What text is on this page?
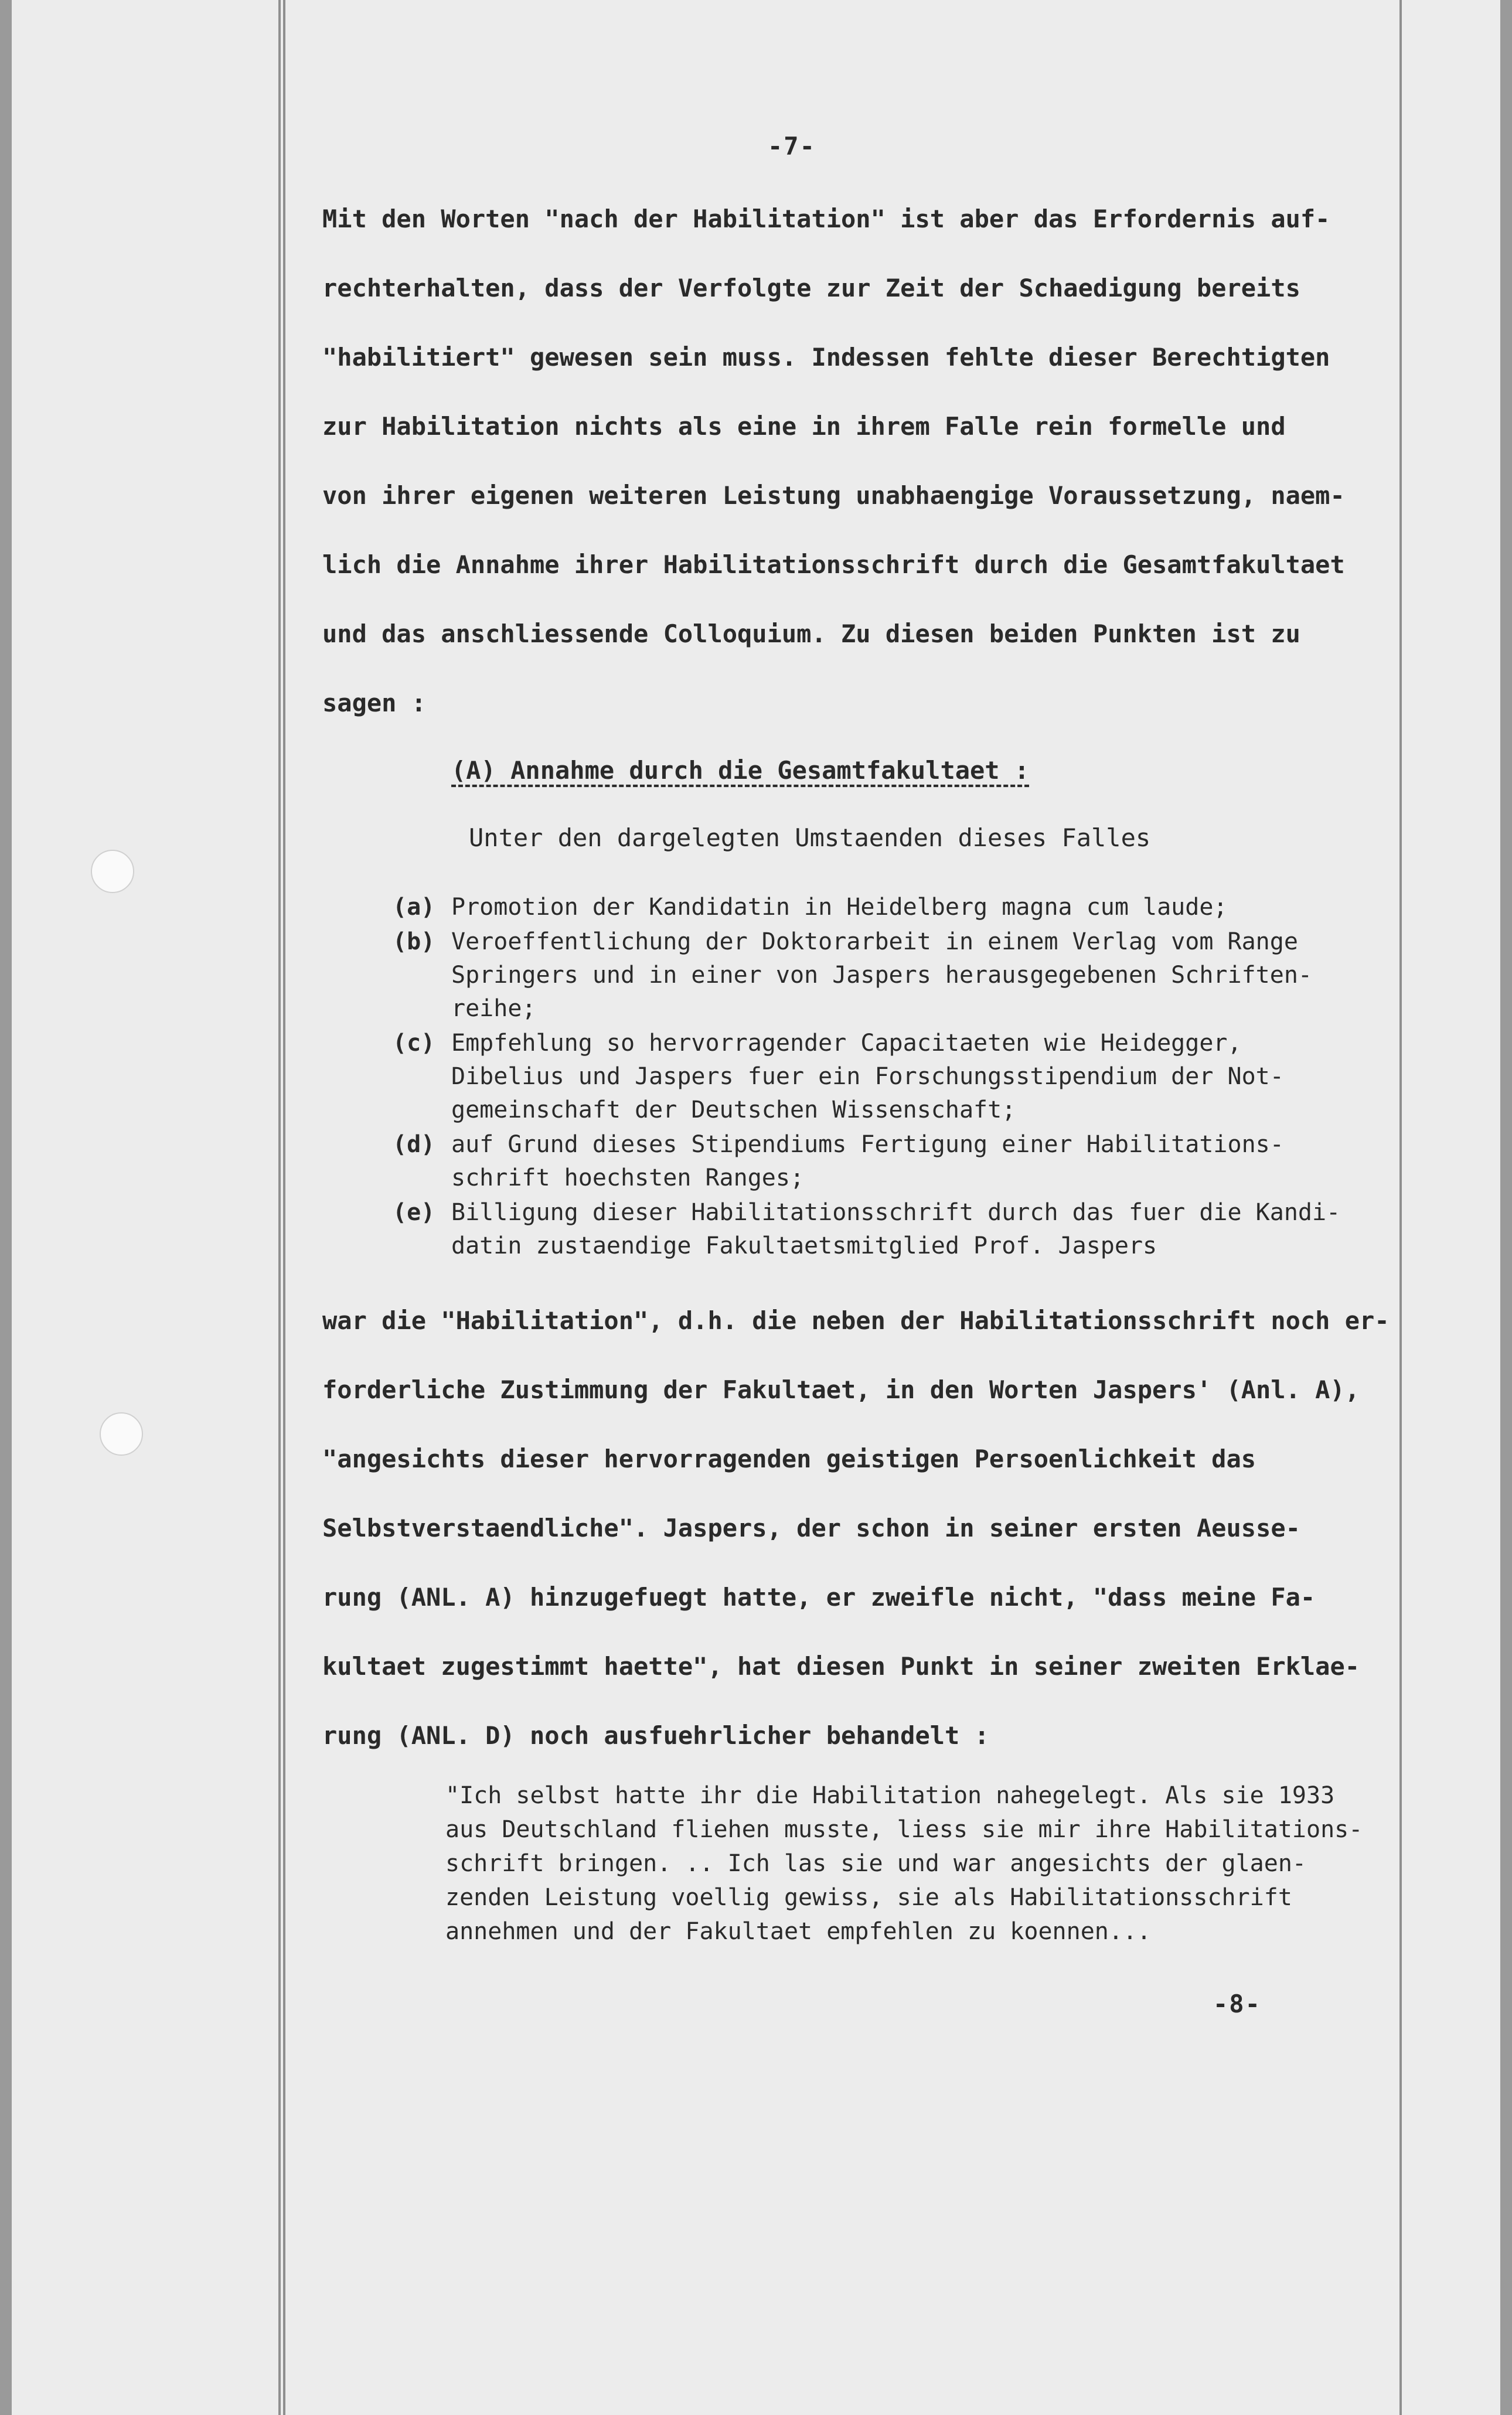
-7-
Mit den Worten "nach der Habilitation" ist aber das Erfordernis auf-
rechterhalten, dass der Verfolgte zur Zeit der Schaedigung bereits
"habilitiert" gewesen sein muss. Indessen fehlte dieser Berechtigten
zur Habilitation nichts als eine in ihrem Falle rein formelle und
von ihrer eigenen weiteren Leistung unabhaengige Voraussetzung, naem-
lich die Annahme ihrer Habilitationsschrift durch die Gesamtfakultaet
und das anschliessende Colloquium. Zu diesen beiden Punkten ist zu
sagen :
(A) Annahme durch die Gesamtfakultaet :
Unter den dargelegten Umstaenden dieses Falles
(a) Promotion der Kandidatin in Heidelberg magna cum laude;
(b) Veroeffentlichung der Doktorarbeit in einem Verlag vom Range
Springers und in einer von Jaspers herausgegebenen Schriften-
reihe;
(c) Empfehlung so hervorragender Capacitaeten wie Heidegger,
Dibelius und Jaspers fuer ein Forschungsstipendium der Not-
gemeinschaft der Deutschen Wissenschaft;
(d) auf Grund dieses Stipendiums Fertigung einer Habilitations-
schrift hoechsten Ranges;
(e) Billigung dieser Habilitationsschrift durch das fuer die Kandi-
datin zustaendige Fakultaetsmitglied Prof. Jaspers
war die "Habilitation", d.h. die neben der Habilitationsschrift noch er-
forderliche Zustimmung der Fakultaet, in den Worten Jaspers' (Anl. A),
"angesichts dieser hervorragenden geistigen Persoenlichkeit das
Selbstverstaendliche". Jaspers, der schon in seiner ersten Aeusse-
rung (ANL. A) hinzugefuegt hatte, er zweifle nicht, "dass meine Fa-
kultaet zugestimmt haette", hat diesen Punkt in seiner zweiten Erklae-
rung (ANL. D) noch ausfuehrlicher behandelt :
"Ich selbst hatte ihr die Habilitation nahegelegt. Als sie 1933
aus Deutschland fliehen musste, liess sie mir ihre Habilitations-
schrift bringen. .. Ich las sie und war angesichts der glaen-
zenden Leistung voellig gewiss, sie als Habilitationsschrift
annehmen und der Fakultaet empfehlen zu koennen...
-8-
